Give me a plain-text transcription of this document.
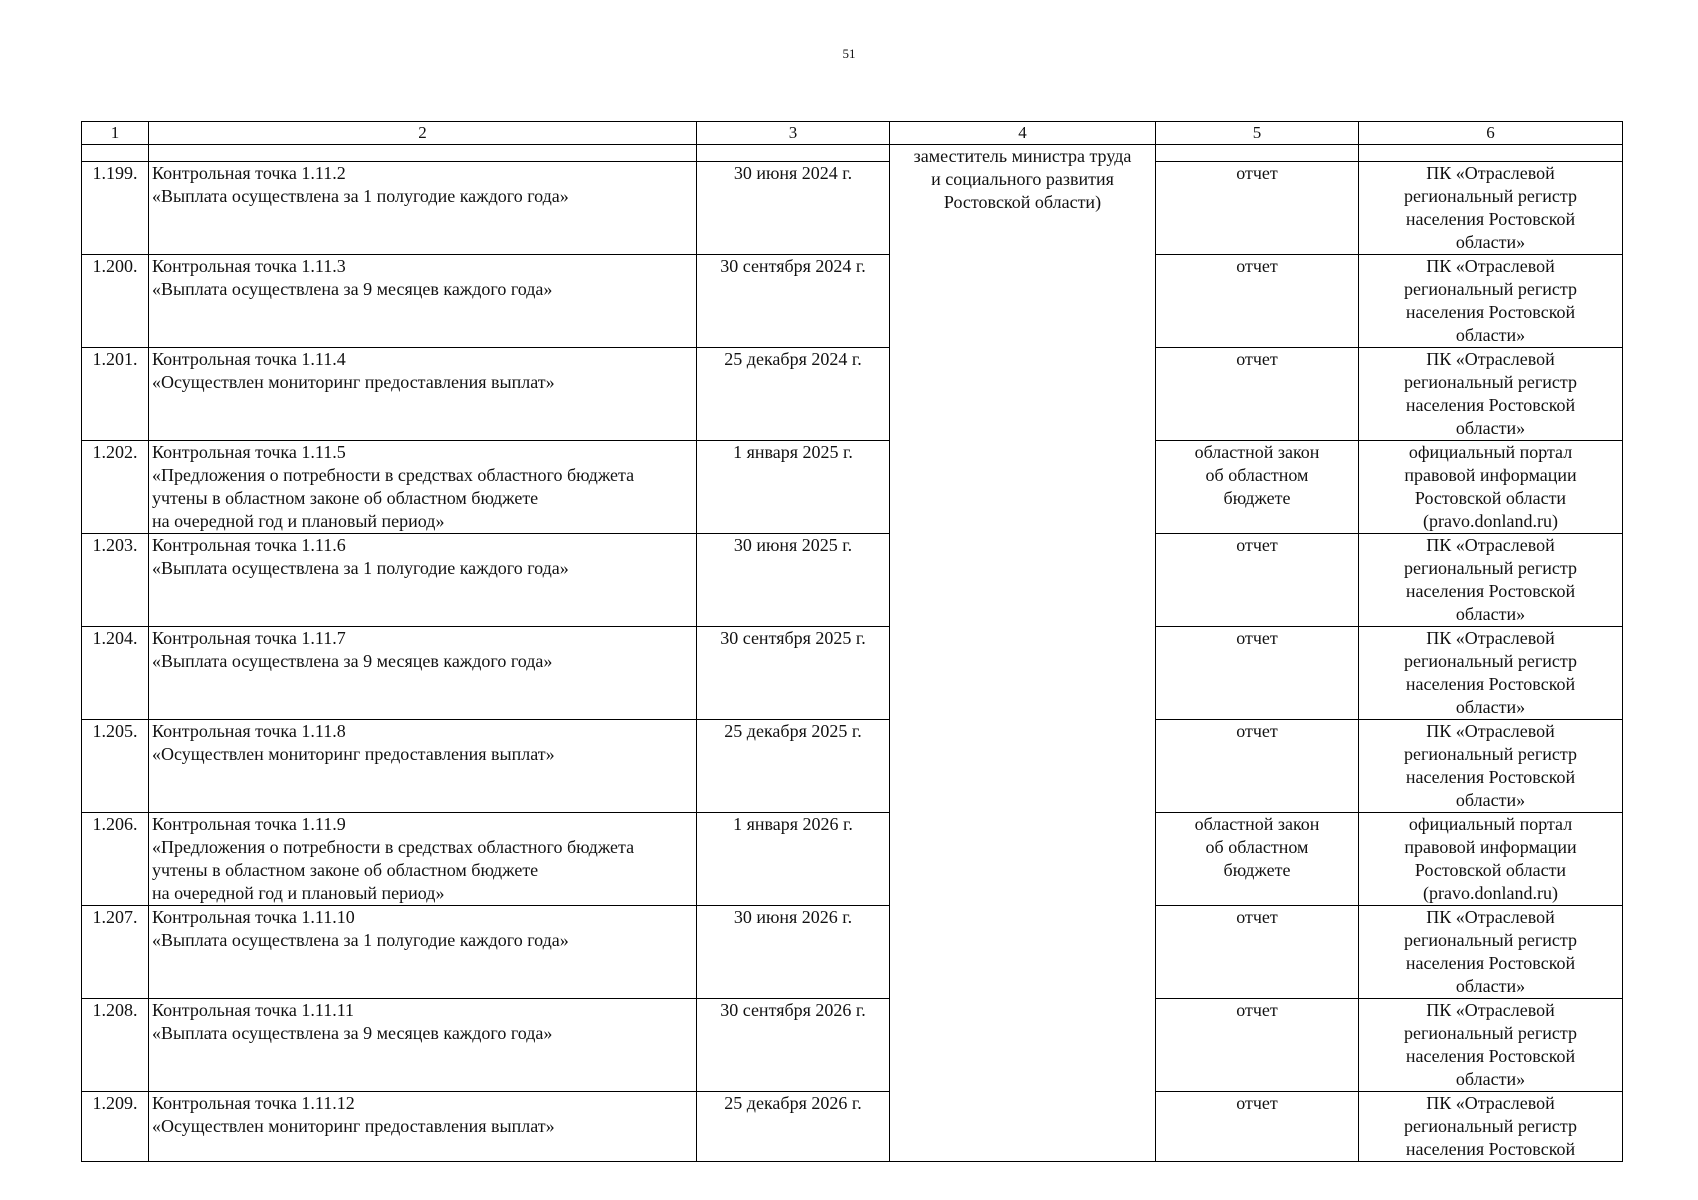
51
1	2	3	4	5	6

			заместитель министра труда
и социального развития
Ростовской области)		

1.199.	Контрольная точка 1.11.2
«Выплата осуществлена за 1 полугодие каждого года»	30 июня 2024 г.		отчет	ПК «Отраслевой
региональный регистр
населения Ростовской
области»

1.200.	Контрольная точка 1.11.3
«Выплата осуществлена за 9 месяцев каждого года»	30 сентября 2024 г.		отчет	ПК «Отраслевой
региональный регистр
населения Ростовской
области»

1.201.	Контрольная точка 1.11.4
«Осуществлен мониторинг предоставления выплат»	25 декабря 2024 г.		отчет	ПК «Отраслевой
региональный регистр
населения Ростовской
области»

1.202.	Контрольная точка 1.11.5
«Предложения о потребности в средствах областного бюджета
учтены в областном законе об областном бюджете
на очередной год и плановый период»	1 января 2025 г.		областной закон
об областном
бюджете	официальный портал
правовой информации
Ростовской области
(pravo.donland.ru)

1.203.	Контрольная точка 1.11.6
«Выплата осуществлена за 1 полугодие каждого года»	30 июня 2025 г.		отчет	ПК «Отраслевой
региональный регистр
населения Ростовской
области»

1.204.	Контрольная точка 1.11.7
«Выплата осуществлена за 9 месяцев каждого года»	30 сентября 2025 г.		отчет	ПК «Отраслевой
региональный регистр
населения Ростовской
области»

1.205.	Контрольная точка 1.11.8
«Осуществлен мониторинг предоставления выплат»	25 декабря 2025 г.		отчет	ПК «Отраслевой
региональный регистр
населения Ростовской
области»

1.206.	Контрольная точка 1.11.9
«Предложения о потребности в средствах областного бюджета
учтены в областном законе об областном бюджете
на очередной год и плановый период»	1 января 2026 г.		областной закон
об областном
бюджете	официальный портал
правовой информации
Ростовской области
(pravo.donland.ru)

1.207.	Контрольная точка 1.11.10
«Выплата осуществлена за 1 полугодие каждого года»	30 июня 2026 г.		отчет	ПК «Отраслевой
региональный регистр
населения Ростовской
области»

1.208.	Контрольная точка 1.11.11
«Выплата осуществлена за 9 месяцев каждого года»	30 сентября 2026 г.		отчет	ПК «Отраслевой
региональный регистр
населения Ростовской
области»

1.209.	Контрольная точка 1.11.12
«Осуществлен мониторинг предоставления выплат»	25 декабря 2026 г.		отчет	ПК «Отраслевой
региональный регистр
населения Ростовской
